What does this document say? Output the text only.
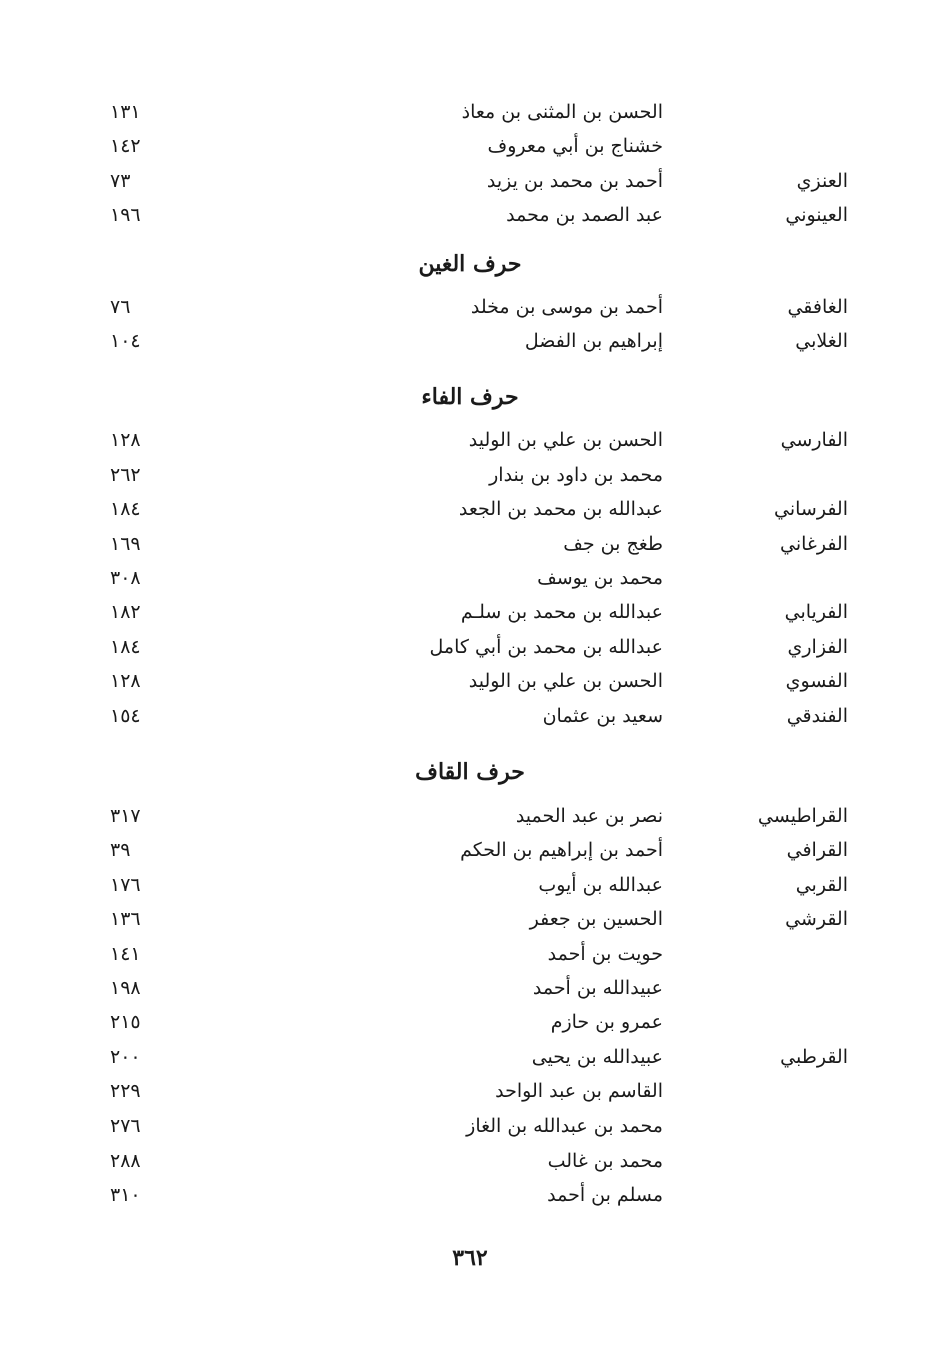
الحسن بن المثنى بن معاذ
١٣١
خشناج بن أبي معروف
١٤٢
العنزي
أحمد بن محمد بن يزيد
٧٣
العينوني
عبد الصمد بن محمد
١٩٦
حرف الغين
الغافقي
أحمد بن موسى بن مخلد
٧٦
الغلابي
إبراهيم بن الفضل
١٠٤
حرف الفاء
الفارسي
الحسن بن علي بن الوليد
١٢٨
محمد بن داود بن بندار
٢٦٢
الفرساني
عبدالله بن محمد بن الجعد
١٨٤
الفرغاني
طغج بن جف
١٦٩
محمد بن يوسف
٣٠٨
الفريابي
عبدالله بن محمد بن سلـم
١٨٢
الفزاري
عبدالله بن محمد بن أبي كامل
١٨٤
الفسوي
الحسن بن علي بن الوليد
١٢٨
الفندقي
سعيد بن عثمان
١٥٤
حرف القاف
القراطيسي
نصر بن عبد الحميد
٣١٧
القرافي
أحمد بن إبراهيم بن الحكم
٣٩
القربي
عبدالله بن أيوب
١٧٦
القرشي
الحسين بن جعفر
١٣٦
حويت بن أحمد
١٤١
عبيدالله بن أحمد
١٩٨
عمرو بن حازم
٢١٥
القرطبي
عبيدالله بن يحيى
٢٠٠
القاسم بن عبد الواحد
٢٢٩
محمد بن عبدالله بن الغاز
٢٧٦
محمد بن غالب
٢٨٨
مسلم بن أحمد
٣١٠
٣٦٢
